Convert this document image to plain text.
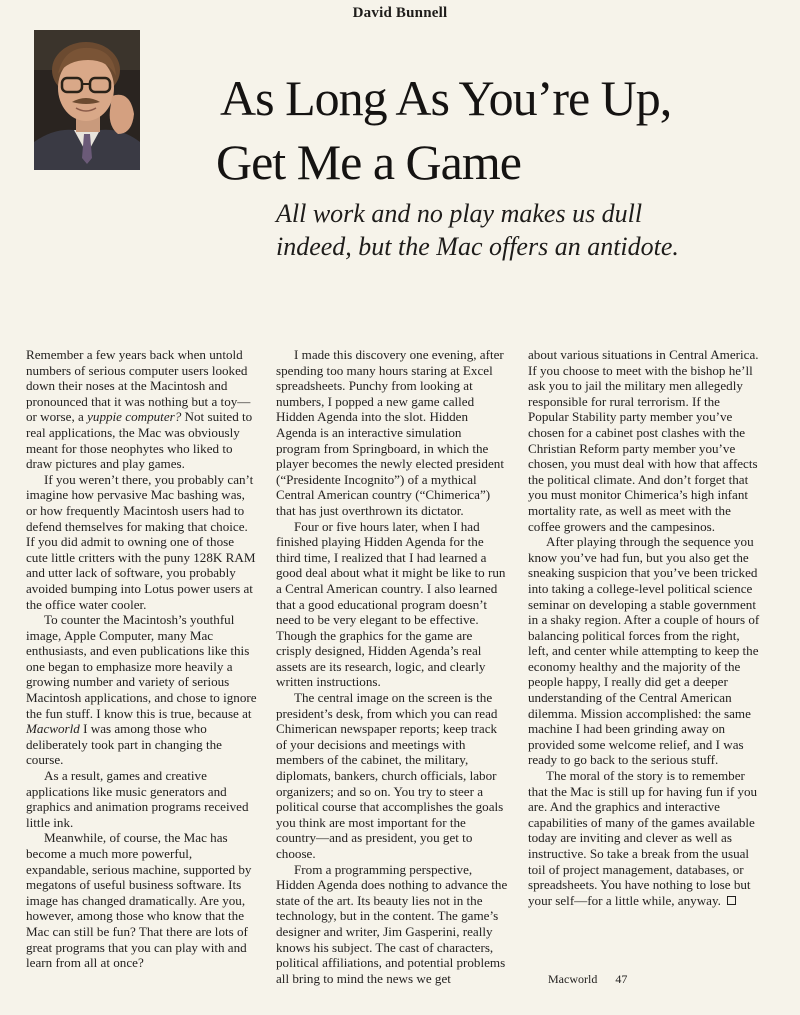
David Bunnell
As Long As You’re Up,
Get Me a Game
All work and no play makes us dull
indeed, but the Mac offers an antidote.

Remember a few years back when untold numbers of serious computer users looked down their noses at the Macintosh and pronounced that it was nothing but a toy—or worse, a yuppie computer? Not suited to real applications, the Mac was obviously meant for those neophytes who liked to draw pictures and play games.

If you weren’t there, you probably can’t imagine how pervasive Mac bashing was, or how frequently Macintosh users had to defend themselves for making that choice. If you did admit to owning one of those cute little critters with the puny 128K RAM and utter lack of software, you probably avoided bumping into Lotus power users at the office water cooler.

To counter the Macintosh’s youthful image, Apple Computer, many Mac enthusiasts, and even publications like this one began to emphasize more heavily a growing number and variety of serious Macintosh applications, and chose to ignore the fun stuff. I know this is true, because at Macworld I was among those who deliberately took part in changing the course.

As a result, games and creative applications like music generators and graphics and animation programs received little ink.

Meanwhile, of course, the Mac has become a much more powerful, expandable, serious machine, supported by megatons of useful business software. Its image has changed dramatically. Are you, however, among those who know that the Mac can still be fun? That there are lots of great programs that you can play with and learn from all at once?

I made this discovery one evening, after spending too many hours staring at Excel spreadsheets. Punchy from looking at numbers, I popped a new game called Hidden Agenda into the slot. Hidden Agenda is an interactive simulation program from Springboard, in which the player becomes the newly elected president (“Presidente Incognito”) of a mythical Central American country (“Chimerica”) that has just overthrown its dictator.

Four or five hours later, when I had finished playing Hidden Agenda for the third time, I realized that I had learned a good deal about what it might be like to run a Central American country. I also learned that a good educational program doesn’t need to be very elegant to be effective. Though the graphics for the game are crisply designed, Hidden Agenda’s real assets are its research, logic, and clearly written instructions.

The central image on the screen is the president’s desk, from which you can read Chimerican newspaper reports; keep track of your decisions and meetings with members of the cabinet, the military, diplomats, bankers, church officials, labor organizers; and so on. You try to steer a political course that accomplishes the goals you think are most important for the country—and as president, you get to choose.

From a programming perspective, Hidden Agenda does nothing to advance the state of the art. Its beauty lies not in the technology, but in the content. The game’s designer and writer, Jim Gasperini, really knows his subject. The cast of characters, political affiliations, and potential problems all bring to mind the news we get

about various situations in Central America. If you choose to meet with the bishop he’ll ask you to jail the military men allegedly responsible for rural terrorism. If the Popular Stability party member you’ve chosen for a cabinet post clashes with the Christian Reform party member you’ve chosen, you must deal with how that affects the political climate. And don’t forget that you must monitor Chimerica’s high infant mortality rate, as well as meet with the coffee growers and the campesinos.

After playing through the sequence you know you’ve had fun, but you also get the sneaking suspicion that you’ve been tricked into taking a college-level political science seminar on developing a stable government in a shaky region. After a couple of hours of balancing political forces from the right, left, and center while attempting to keep the economy healthy and the majority of the people happy, I really did get a deeper understanding of the Central American dilemma. Mission accomplished: the same machine I had been grinding away on provided some welcome relief, and I was ready to go back to the serious stuff.

The moral of the story is to remember that the Mac is still up for having fun if you are. And the graphics and interactive capabilities of many of the games available today are inviting and clever as well as instructive. So take a break from the usual toil of project management, databases, or spreadsheets. You have nothing to lose but your self—for a little while, anyway.

Macworld 47
